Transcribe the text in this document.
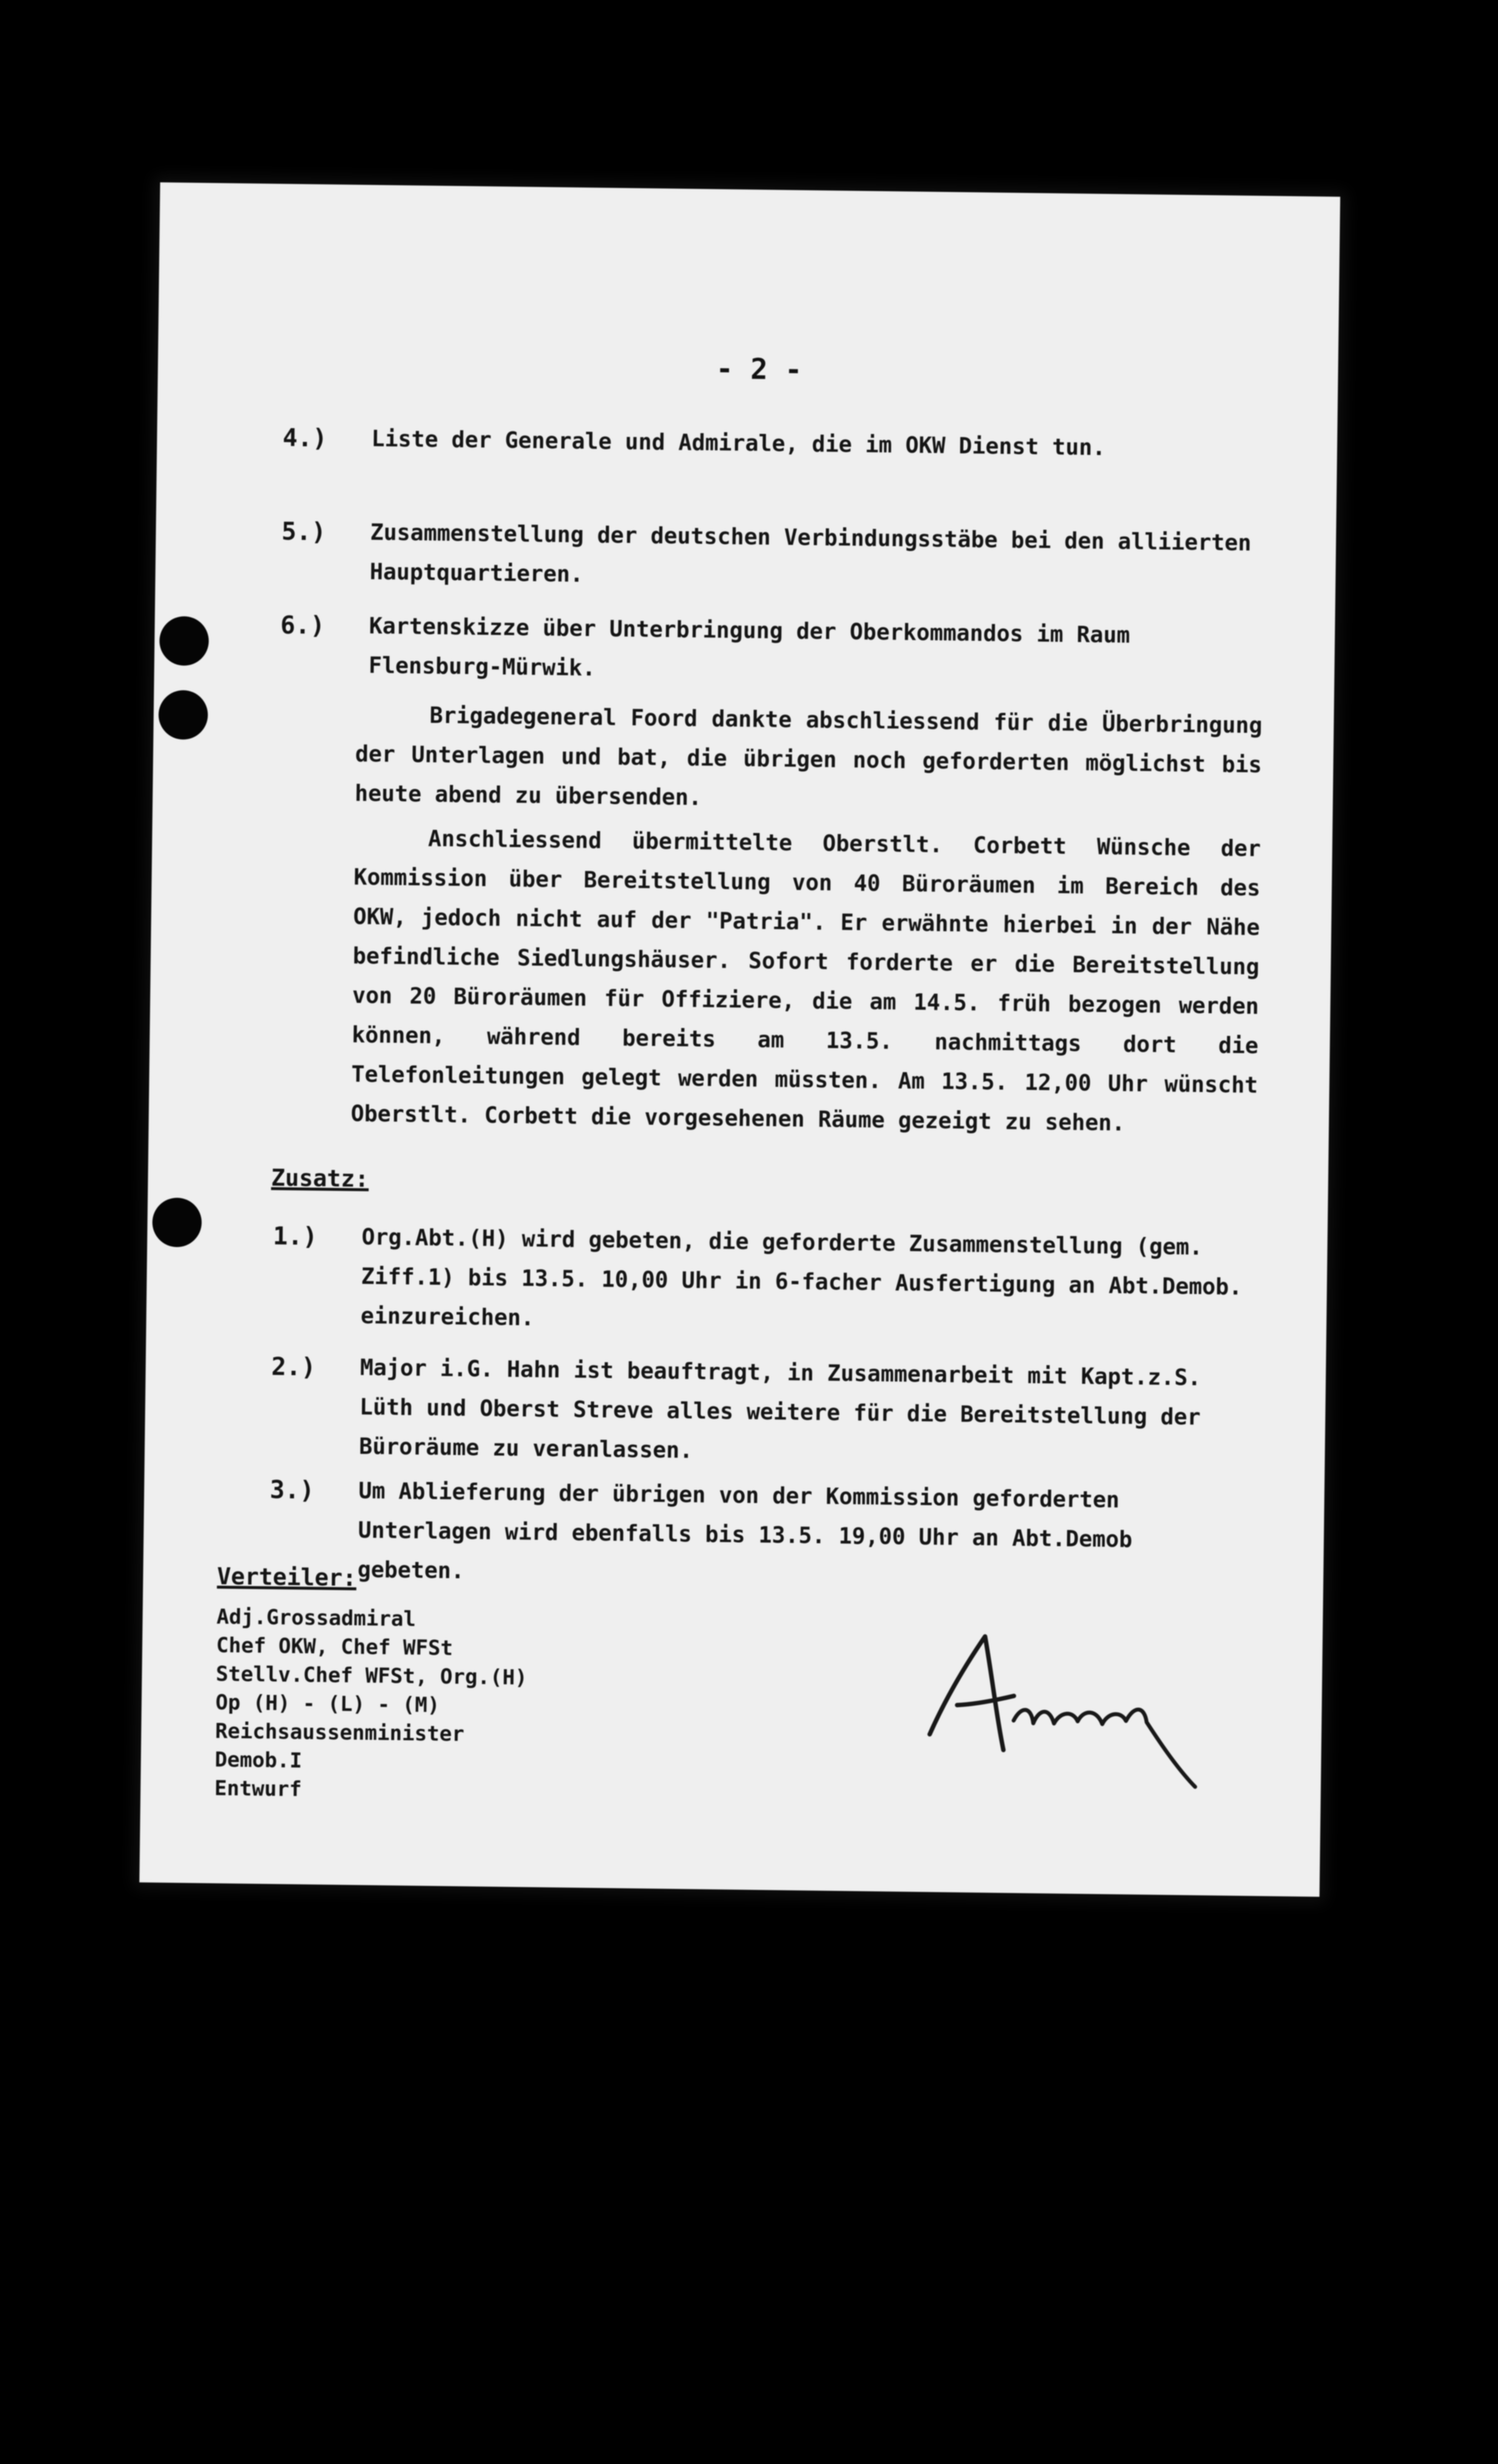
- 2 -
4.)	Liste der Generale und Admirale, die im OKW Dienst tun.
5.)	Zusammenstellung der deutschen Verbindungsstäbe bei den alliierten Hauptquartieren.
6.)	Kartenskizze über Unterbringung der Oberkommandos im Raum Flensburg-Mürwik.
Brigadegeneral Foord dankte abschliessend für die Überbringung der Unterlagen und bat, die übrigen noch geforderten möglichst bis heute abend zu übersenden.
Anschliessend übermittelte Oberstlt. Corbett Wünsche der Kommission über Bereitstellung von 40 Büroräumen im Bereich des OKW, jedoch nicht auf der "Patria". Er erwähnte hierbei in der Nähe befindliche Siedlungshäuser. Sofort forderte er die Bereitstellung von 20 Büroräumen für Offiziere, die am 14.5. früh bezogen werden können, während bereits am 13.5. nachmittags dort die Telefonleitungen gelegt werden müssten. Am 13.5. 12,00 Uhr wünscht Oberstlt. Corbett die vorgesehenen Räume gezeigt zu sehen.
Zusatz:
1.)	Org.Abt.(H) wird gebeten, die geforderte Zusammenstellung (gem. Ziff.1) bis 13.5. 10,00 Uhr in 6-facher Ausfertigung an Abt.Demob. einzureichen.
2.)	Major i.G. Hahn ist beauftragt, in Zusammenarbeit mit Kapt.z.S. Lüth und Oberst Streve alles weitere für die Bereitstellung der Büroräume zu veranlassen.
3.)	Um Ablieferung der übrigen von der Kommission geforderten Unterlagen wird ebenfalls bis 13.5. 19,00 Uhr an Abt.Demob gebeten.
Verteiler:
Adj.Grossadmiral
Chef OKW, Chef WFSt
Stellv.Chef WFSt, Org.(H)
Op (H) - (L) - (M)
Reichsaussenminister
Demob.I
Entwurf
